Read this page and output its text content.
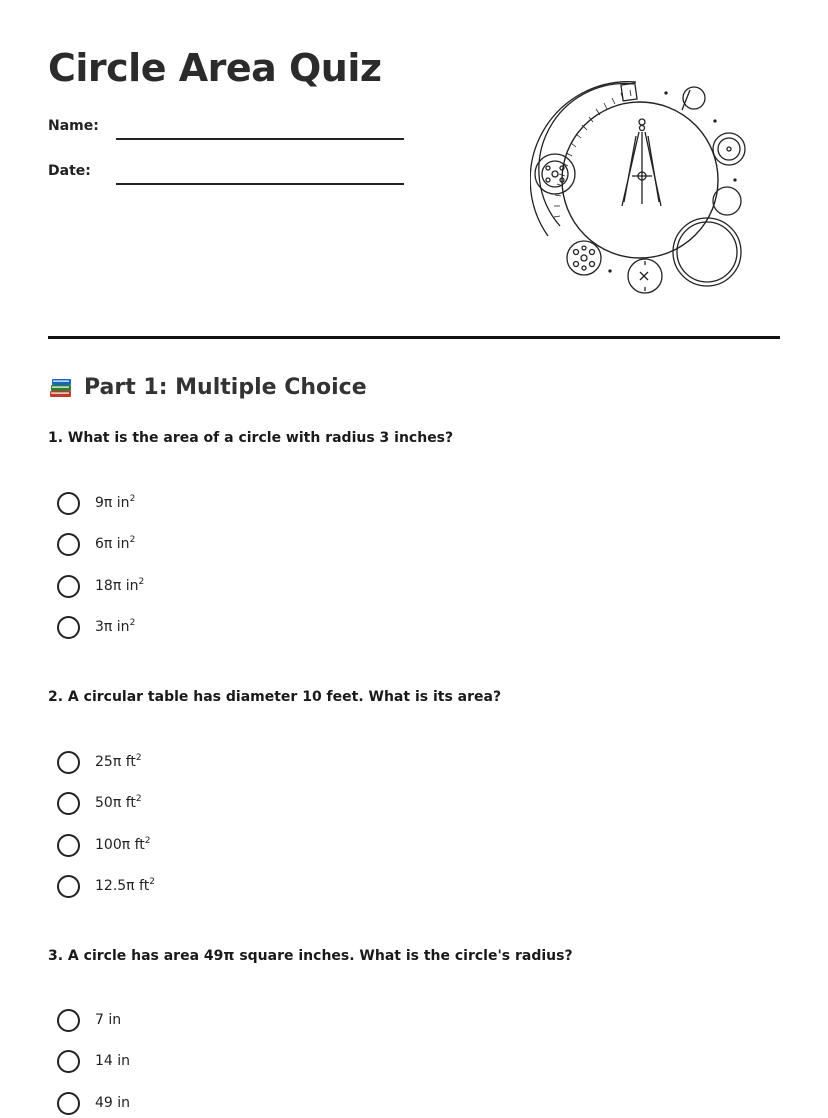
Circle Area Quiz
Name:
Date:
Part 1: Multiple Choice
1. What is the area of a circle with radius 3 inches?
9π $in^2$
6π $in^2$
18π $in^2$
3π $in^2$
2. A circular table has diameter 10 feet. What is its area?
25π $ft^2$
50π $ft^2$
100π $ft^2$
12.5π $ft^2$
3. A circle has area 49π square inches. What is the circle's radius?
7 in
14 in
49 in
